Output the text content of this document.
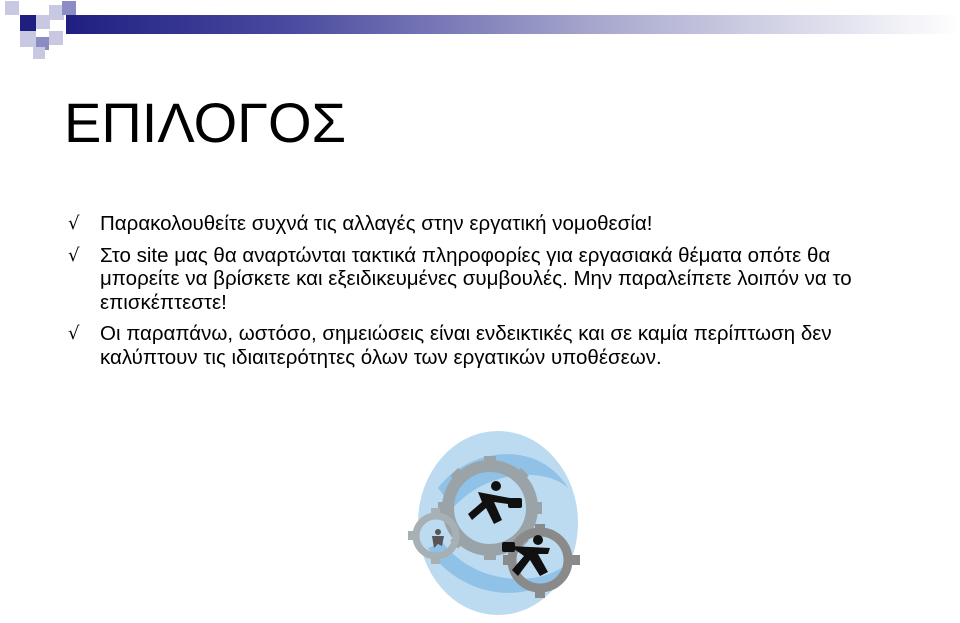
ΕΠΙΛΟΓΟΣ
√ Παρακολουθείτε συχνά τις αλλαγές στην εργατική νομοθεσία!
√ Στο site μας θα αναρτώνται τακτικά πληροφορίες για εργασιακά θέματα οπότε θα μπορείτε να βρίσκετε και εξειδικευμένες συμβουλές. Μην παραλείπετε λοιπόν να το επισκέπτεστε!
√ Οι παραπάνω, ωστόσο, σημειώσεις είναι ενδεικτικές και σε καμία περίπτωση δεν καλύπτουν τις ιδιαιτερότητες όλων των εργατικών υποθέσεων.
